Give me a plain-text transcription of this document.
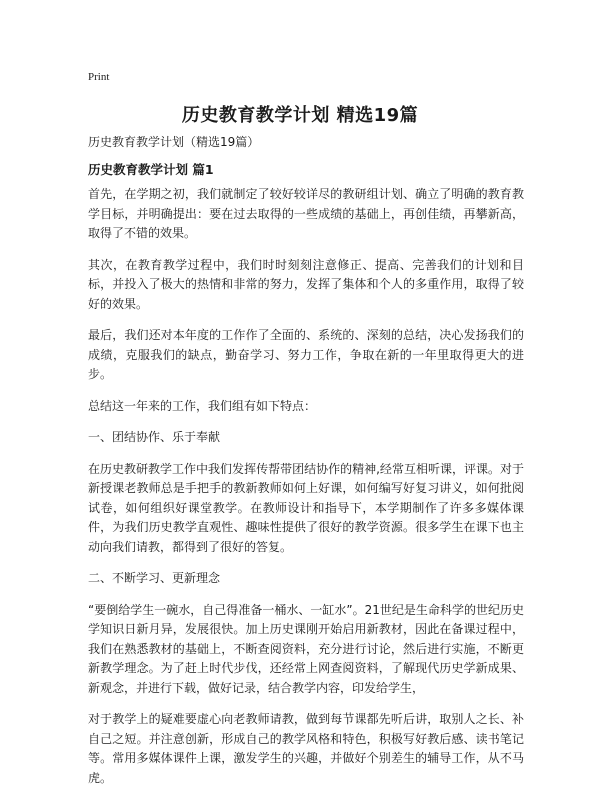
Print
历史教育教学计划 精选19篇
历史教育教学计划（精选19篇）
历史教育教学计划 篇1

首先，在学期之初，我们就制定了较好较详尽的教研组计划、确立了明确的教育教学目标，并明确提出：要在过去取得的一些成绩的基础上，再创佳绩，再攀新高，取得了不错的效果。

其次，在教育教学过程中，我们时时刻刻注意修正、提高、完善我们的计划和目标，并投入了极大的热情和非常的努力，发挥了集体和个人的多重作用，取得了较好的效果。

最后，我们还对本年度的工作作了全面的、系统的、深刻的总结，决心发扬我们的成绩，克服我们的缺点，勤奋学习、努力工作，争取在新的一年里取得更大的进步。

总结这一年来的工作，我们组有如下特点：

一、团结协作、乐于奉献

在历史教研教学工作中我们发挥传帮带团结协作的精神,经常互相听课，评课。对于新授课老教师总是手把手的教新教师如何上好课，如何编写好复习讲义，如何批阅试卷，如何组织好课堂教学。在教师设计和指导下，本学期制作了许多多媒体课件，为我们历史教学直观性、趣味性提供了很好的教学资源。很多学生在课下也主动向我们请教，都得到了很好的答复。

二、不断学习、更新理念

“要倒给学生一碗水，自己得准备一桶水、一缸水”。21世纪是生命科学的世纪历史学知识日新月异，发展很快。加上历史课刚开始启用新教材，因此在备课过程中，我们在熟悉教材的基础上，不断查阅资料，充分进行讨论，然后进行实施，不断更新教学理念。为了赶上时代步伐，还经常上网查阅资料，了解现代历史学新成果、新观念，并进行下载，做好记录，结合教学内容，印发给学生，

对于教学上的疑难要虚心向老教师请教，做到每节课都先听后讲，取别人之长、补自己之短。并注意创新，形成自己的教学风格和特色，积极写好教后感、读书笔记等。常用多媒体课件上课，激发学生的兴趣，并做好个别差生的辅导工作，从不马虎。
